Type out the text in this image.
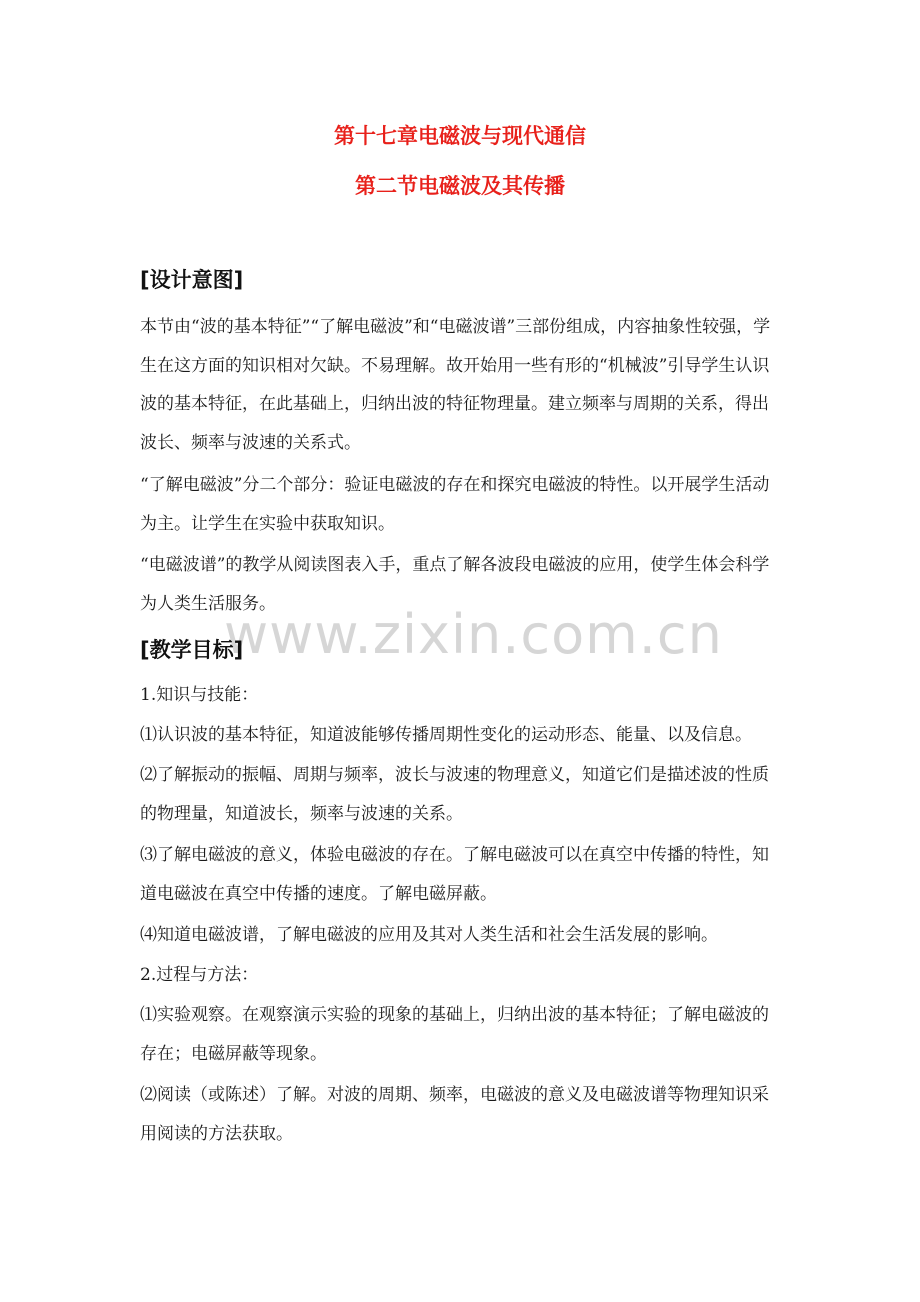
第十七章电磁波与现代通信
第二节电磁波及其传播
[设计意图]
本节由“波的基本特征”“了解电磁波”和“电磁波谱”三部份组成，内容抽象性较强，学生在这方面的知识相对欠缺。不易理解。故开始用一些有形的“机械波”引导学生认识波的基本特征，在此基础上，归纳出波的特征物理量。建立频率与周期的关系，得出波长、频率与波速的关系式。
“了解电磁波”分二个部分：验证电磁波的存在和探究电磁波的特性。以开展学生活动为主。让学生在实验中获取知识。
“电磁波谱”的教学从阅读图表入手，重点了解各波段电磁波的应用，使学生体会科学为人类生活服务。
www.zixin.com.cn
[教学目标]
1.知识与技能：
⑴认识波的基本特征，知道波能够传播周期性变化的运动形态、能量、以及信息。
⑵了解振动的振幅、周期与频率，波长与波速的物理意义，知道它们是描述波的性质的物理量，知道波长，频率与波速的关系。
⑶了解电磁波的意义，体验电磁波的存在。了解电磁波可以在真空中传播的特性，知道电磁波在真空中传播的速度。了解电磁屏蔽。
⑷知道电磁波谱，了解电磁波的应用及其对人类生活和社会生活发展的影响。
2.过程与方法：
⑴实验观察。在观察演示实验的现象的基础上，归纳出波的基本特征；了解电磁波的存在；电磁屏蔽等现象。
⑵阅读（或陈述）了解。对波的周期、频率，电磁波的意义及电磁波谱等物理知识采用阅读的方法获取。
